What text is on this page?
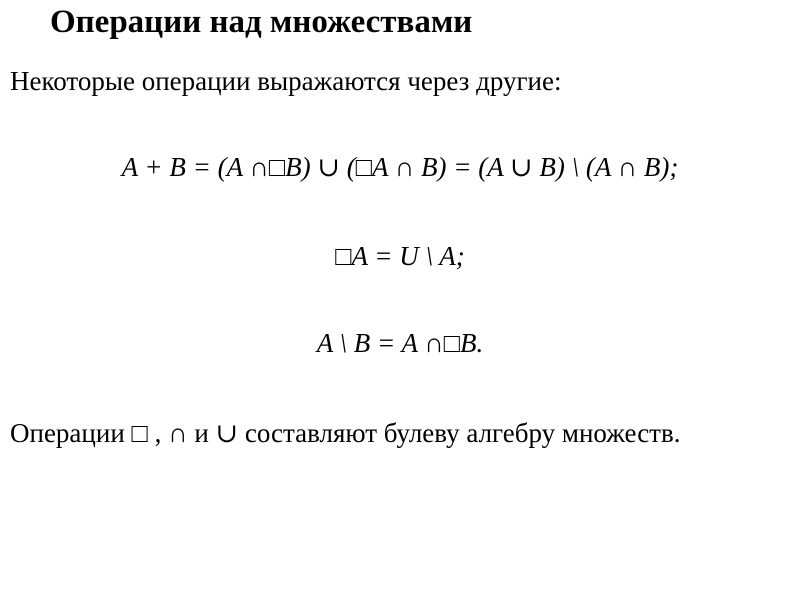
Операции над множествами
Некоторые операции выражаются через другие:
A + B = (A ∩□B) ∪ (□A ∩ B) = (A ∪ B) \ (A ∩ B);
□A = U \ A;
A \ B = A ∩□B.
Операции □ , ∩ и ∪ составляют булеву алгебру множеств.
